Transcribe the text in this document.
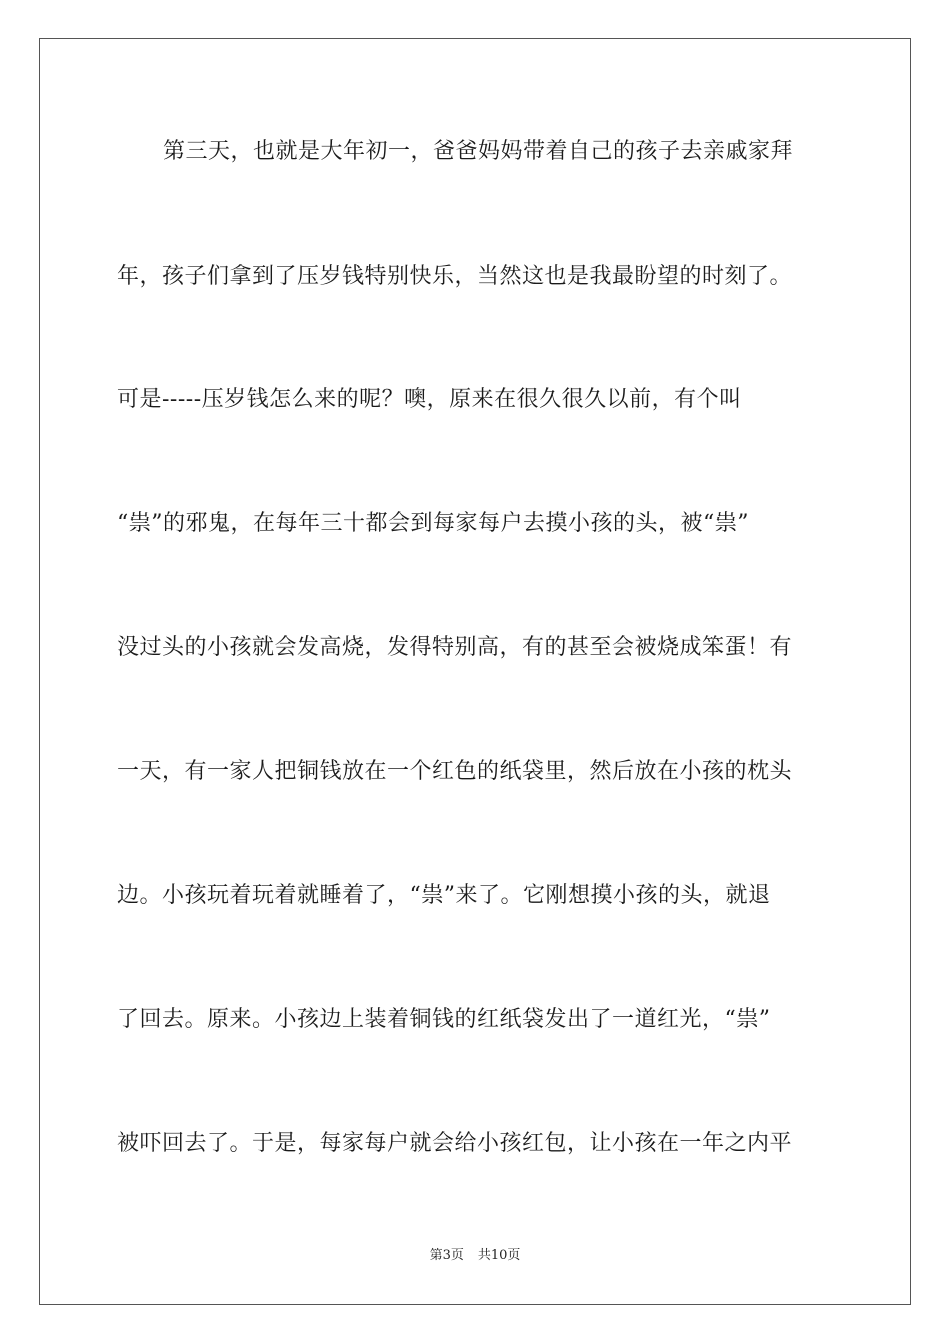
第三天，也就是大年初一，爸爸妈妈带着自己的孩子去亲戚家拜
年，孩子们拿到了压岁钱特别快乐，当然这也是我最盼望的时刻了。
可是-----压岁钱怎么来的呢？噢，原来在很久很久以前，有个叫
“祟”的邪鬼，在每年三十都会到每家每户去摸小孩的头，被“祟”
没过头的小孩就会发高烧，发得特别高，有的甚至会被烧成笨蛋！有
一天，有一家人把铜钱放在一个红色的纸袋里，然后放在小孩的枕头
边。小孩玩着玩着就睡着了，“祟”来了。它刚想摸小孩的头，就退
了回去。原来。小孩边上装着铜钱的红纸袋发出了一道红光，“祟”
被吓回去了。于是，每家每户就会给小孩红包，让小孩在一年之内平
第3页 共10页
